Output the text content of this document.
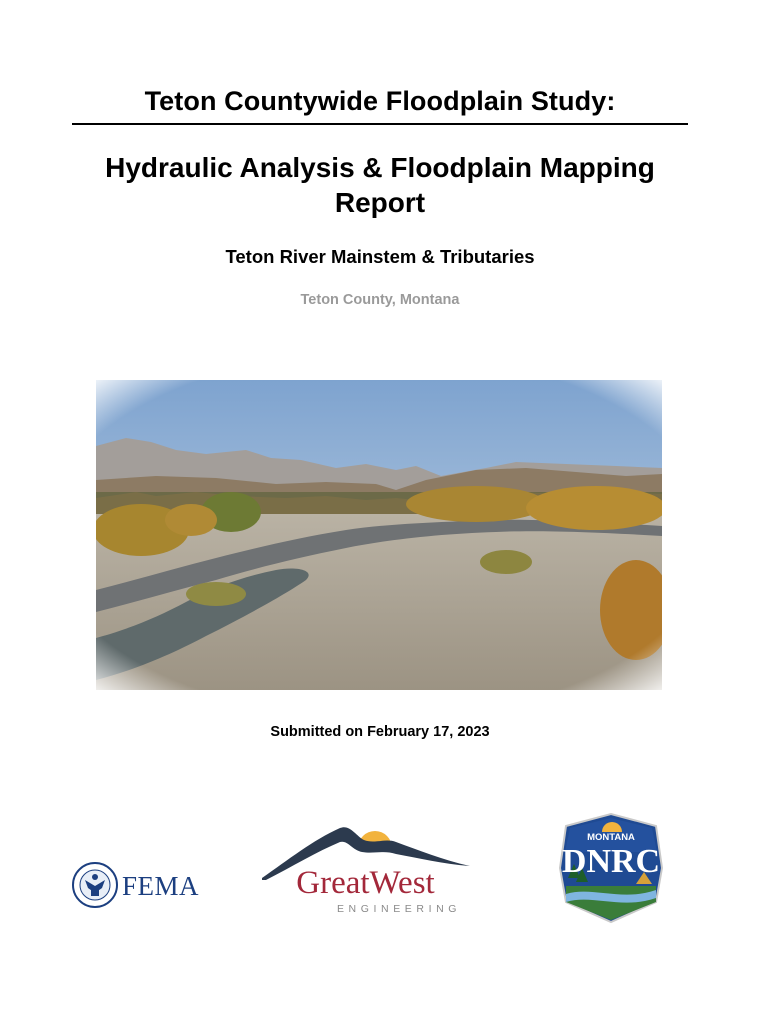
Teton Countywide Floodplain Study:
Hydraulic Analysis & Floodplain Mapping Report
Teton River Mainstem & Tributaries
Teton County, Montana
Submitted on February 17, 2023
FEMA	GreatWest
ENGINEERING
MONTANA
DNRC
